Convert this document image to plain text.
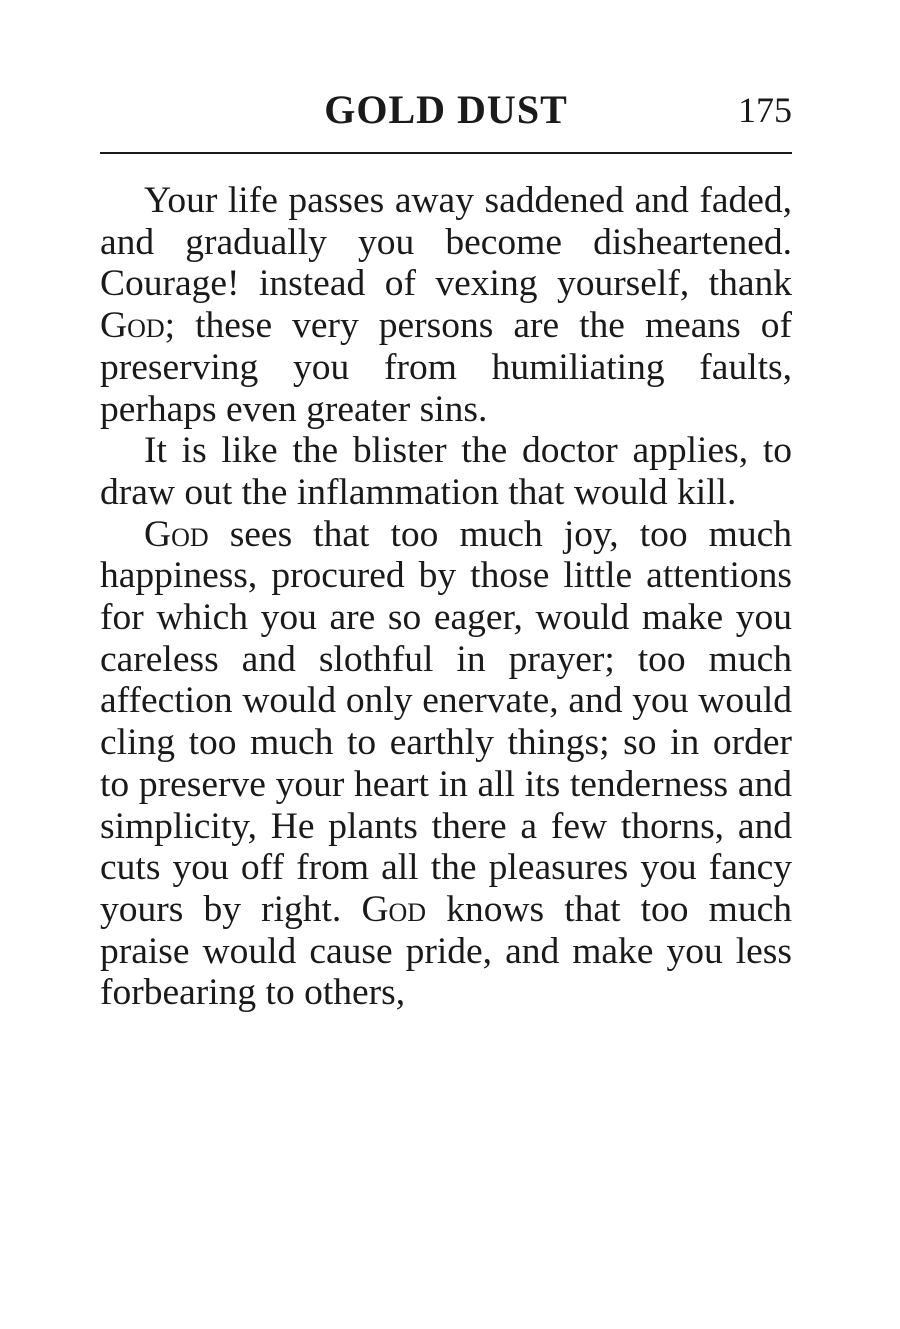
GOLD DUST	175

Your life passes away saddened and faded, and gradually you become disheartened. Courage! instead of vexing yourself, thank God; these very persons are the means of preserving you from humiliating faults, perhaps even greater sins.

It is like the blister the doctor applies, to draw out the inflammation that would kill.

God sees that too much joy, too much happiness, procured by those little attentions for which you are so eager, would make you careless and slothful in prayer; too much affection would only enervate, and you would cling too much to earthly things; so in order to preserve your heart in all its tenderness and simplicity, He plants there a few thorns, and cuts you off from all the pleasures you fancy yours by right. God knows that too much praise would cause pride, and make you less forbearing to others,
